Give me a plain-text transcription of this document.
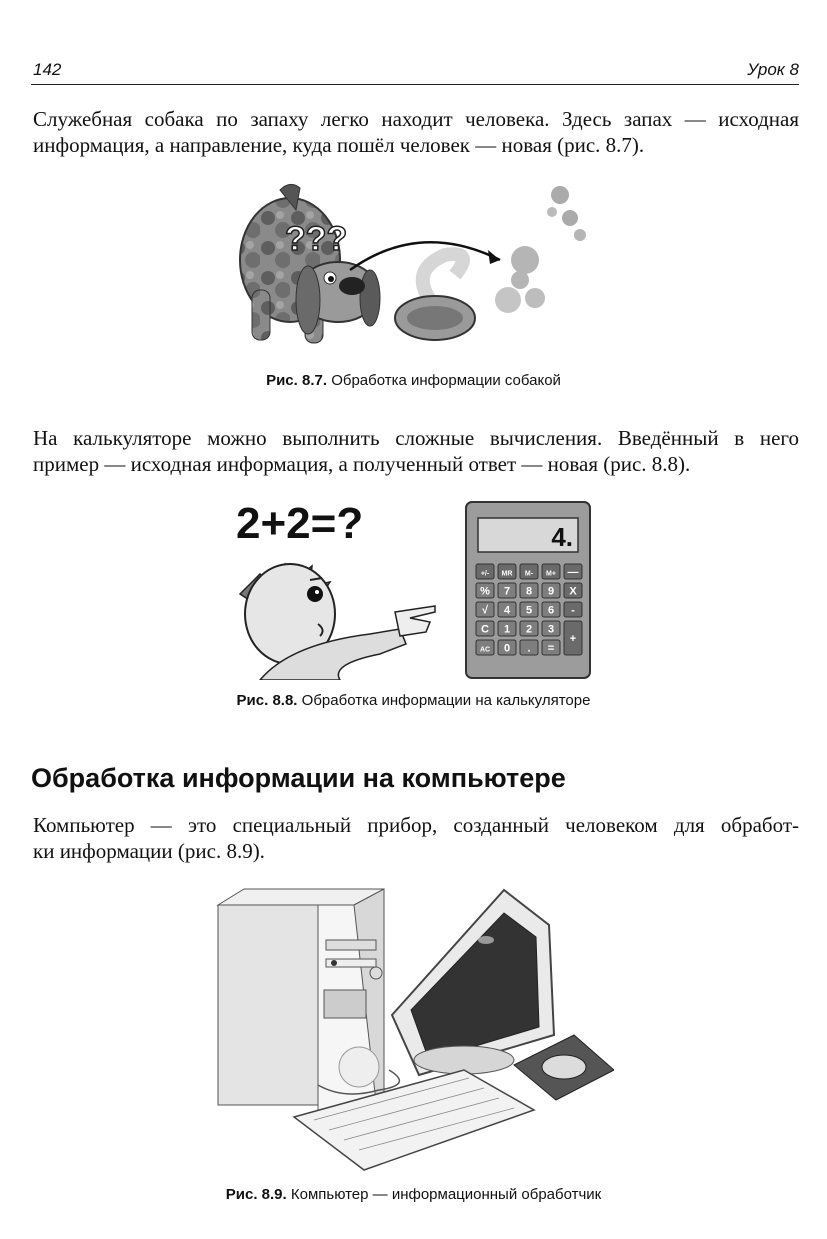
142	Урок 8
Служебная собака по запаху легко находит человека. Здесь запах — исходная
информация, а направление, куда пошёл человек — новая (рис. 8.7).
???
Рис. 8.7. Обработка информации собакой
На калькуляторе можно выполнить сложные вычисления. Введённый в него
пример — исходная информация, а полученный ответ — новая (рис. 8.8).
2+2=?	4.
+/- MR M- M+ —
% 7 8 9 X
√ 4 5 6 -
C 1 2 3
+
AC 0 . =
Рис. 8.8. Обработка информации на калькуляторе
Обработка информации на компьютере
Компьютер — это специальный прибор, созданный человеком для обработ-
ки информации (рис. 8.9).
Рис. 8.9. Компьютер — информационный обработчик
